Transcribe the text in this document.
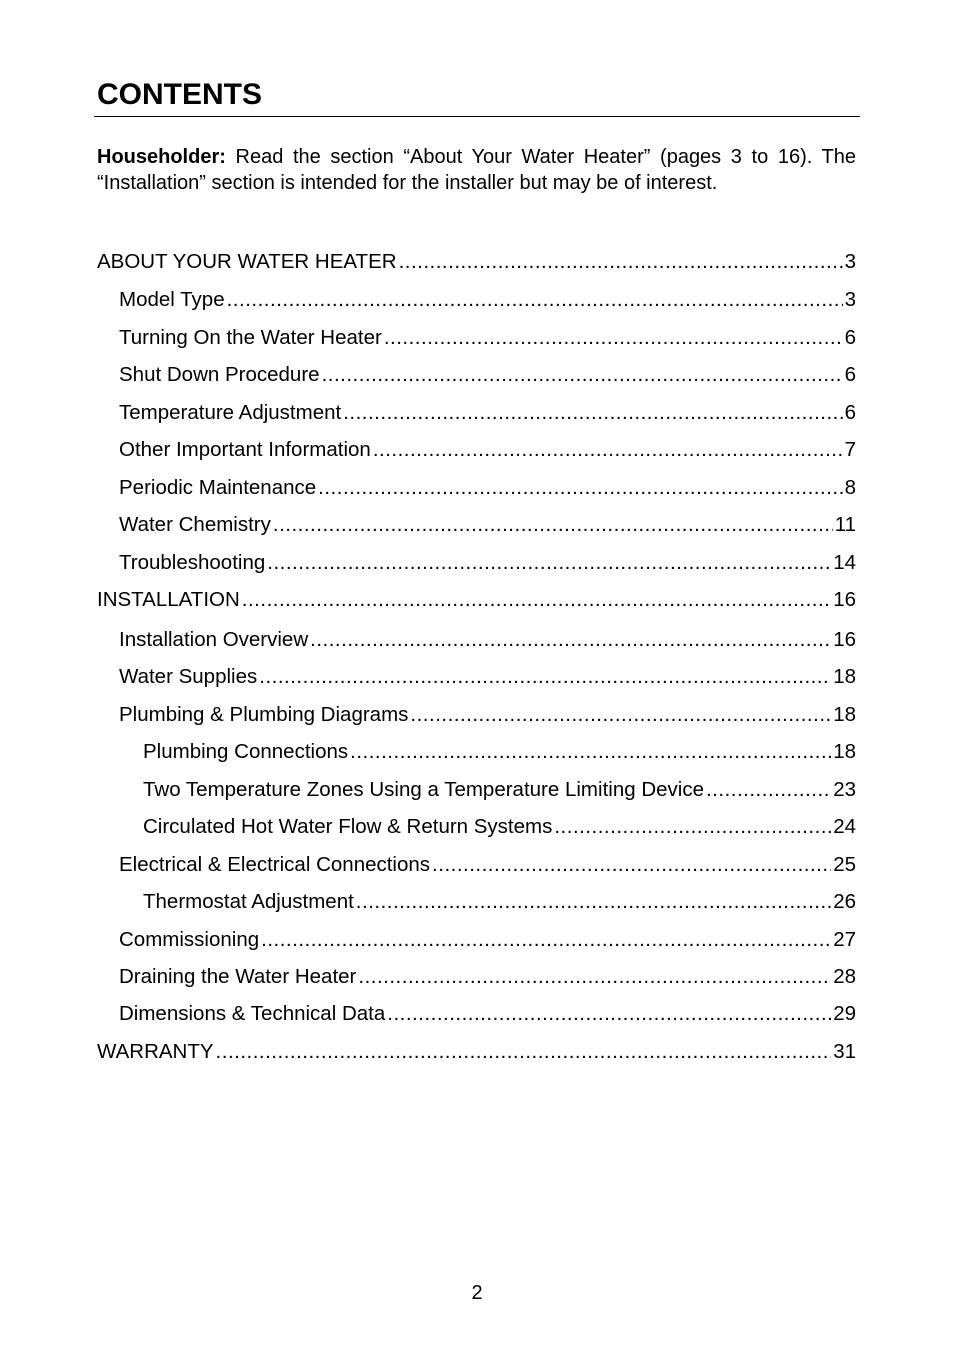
CONTENTS

Householder: Read the section “About Your Water Heater” (pages 3 to 16). The “Installation” section is intended for the installer but may be of interest.

ABOUT YOUR WATER HEATER .....	3
Model Type .....	3
Turning On the Water Heater .....	6
Shut Down Procedure .....	6
Temperature Adjustment .....	6
Other Important Information .....	7
Periodic Maintenance .....	8
Water Chemistry .....	11
Troubleshooting .....	14
INSTALLATION .....	16
Installation Overview .....	16
Water Supplies .....	18
Plumbing & Plumbing Diagrams .....	18
Plumbing Connections .....	18
Two Temperature Zones Using a Temperature Limiting Device .....	23
Circulated Hot Water Flow & Return Systems .....	24
Electrical & Electrical Connections .....	25
Thermostat Adjustment .....	26
Commissioning .....	27
Draining the Water Heater .....	28
Dimensions & Technical Data .....	29
WARRANTY .....	31
2
